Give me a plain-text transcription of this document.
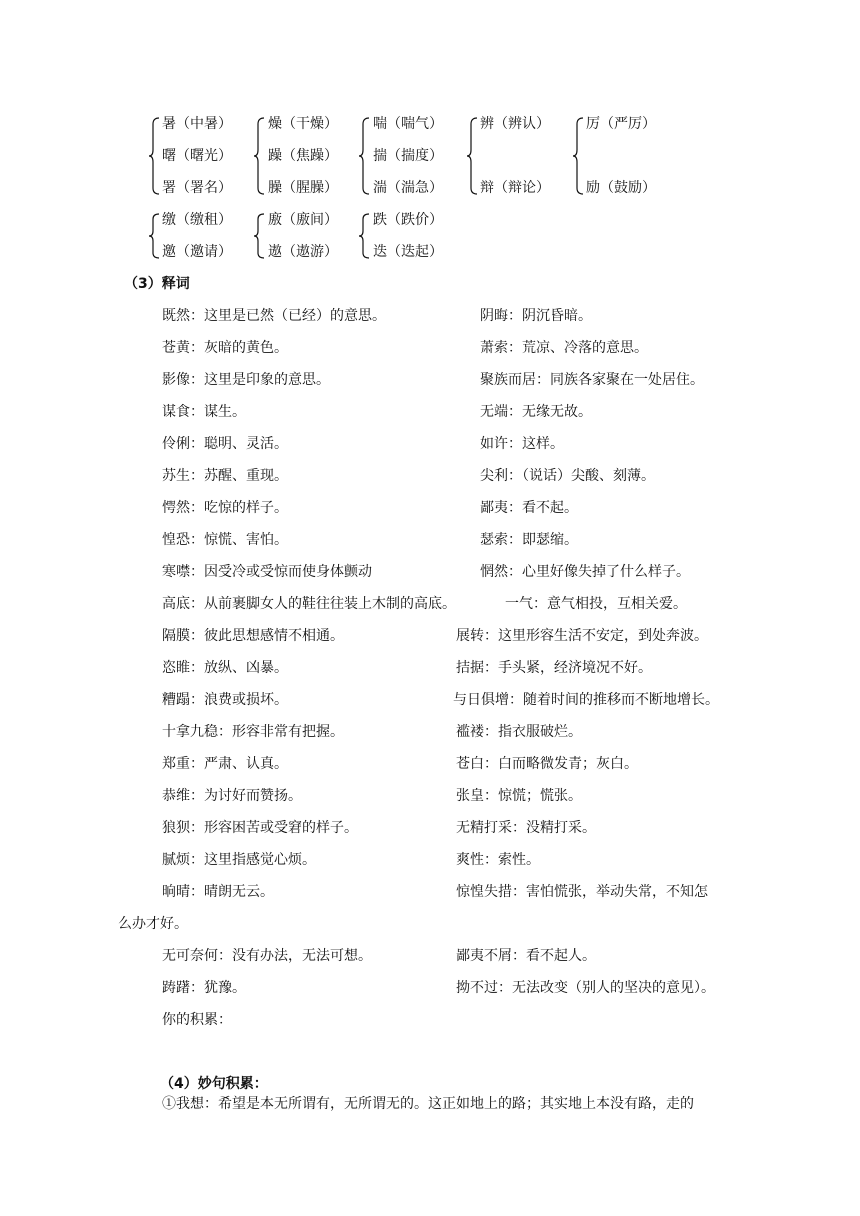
暑（中暑）
曙（曙光）
署（署名）
燥（干燥）
躁（焦躁）
臊（腥臊）
喘（喘气）
揣（揣度）
湍（湍急）
辨（辨认）
辩（辩论）
厉（严厉）
励（鼓励）
缴（缴租）
邀（邀请）
廒（廒间）
遨（遨游）
跌（跌价）
迭（迭起）
（3）释词
既然：这里是已然（已经）的意思。
苍黄：灰暗的黄色。
影像：这里是印象的意思。
谋食：谋生。
伶俐：聪明、灵活。
苏生：苏醒、重现。
愕然：吃惊的样子。
惶恐：惊慌、害怕。
寒噤：因受冷或受惊而使身体颤动
高底：从前裹脚女人的鞋往往装上木制的高底。
隔膜：彼此思想感情不相通。
恣睢：放纵、凶暴。
糟蹋：浪费或损坏。
十拿九稳：形容非常有把握。
郑重：严肃、认真。
恭维：为讨好而赞扬。
狼狈：形容困苦或受窘的样子。
腻烦：这里指感觉心烦。
晌晴：晴朗无云。
无可奈何：没有办法，无法可想。
踌躇：犹豫。
阴晦：阴沉昏暗。
萧索：荒凉、冷落的意思。
聚族而居：同族各家聚在一处居住。
无端：无缘无故。
如许：这样。
尖利：（说话）尖酸、刻薄。
鄙夷：看不起。
瑟索：即瑟缩。
惘然：心里好像失掉了什么样子。
一气：意气相投，互相关爱。
展转：这里形容生活不安定，到处奔波。
拮据：手头紧，经济境况不好。
与日俱增：随着时间的推移而不断地增长。
褴褛：指衣服破烂。
苍白：白而略微发青；灰白。
张皇：惊慌；慌张。
无精打采：没精打采。
爽性：索性。
惊惶失措：害怕慌张，举动失常，不知怎
鄙夷不屑：看不起人。
拗不过：无法改变（别人的坚决的意见）。
么办才好。
你的积累：
（4）妙句积累：
①我想：希望是本无所谓有，无所谓无的。这正如地上的路；其实地上本没有路，走的
